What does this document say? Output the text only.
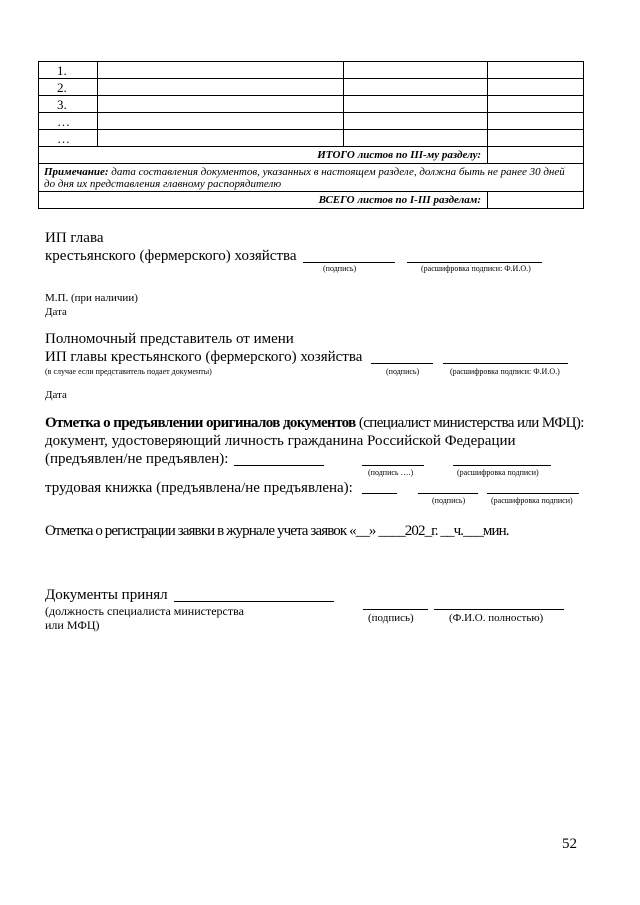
1.			
2.			
3.			
…			
…			
ИТОГО листов по III-му разделу:			
Примечание: дата составления документов, указанных в настоящем разделе, должна быть не ранее 30 дней до дня их представления главному распорядителю			
ВСЕГО листов по I-III разделам:			
ИП глава
крестьянского (фермерского) хозяйства
(подпись)	(расшифровка подписи: Ф.И.О.)
М.П. (при наличии)
Дата
Полномочный представитель от имени
ИП главы крестьянского (фермерского) хозяйства
(в случае если представитель подает документы)	(подпись)	(расшифровка подписи: Ф.И.О.)
Дата
Отметка о предъявлении оригиналов документов (специалист министерства или МФЦ):
документ, удостоверяющий личность гражданина Российской Федерации
(предъявлен/не предъявлен):
(подпись ….)	(расшифровка подписи)
трудовая книжка (предъявлена/не предъявлена):
(подпись)	(расшифровка подписи)
Отметка о регистрации заявки в журнале учета заявок «__» ____202_г. __ч.___мин.
Документы принял
(должность специалиста министерства
или МФЦ)	(подпись)	(Ф.И.О. полностью)
52
